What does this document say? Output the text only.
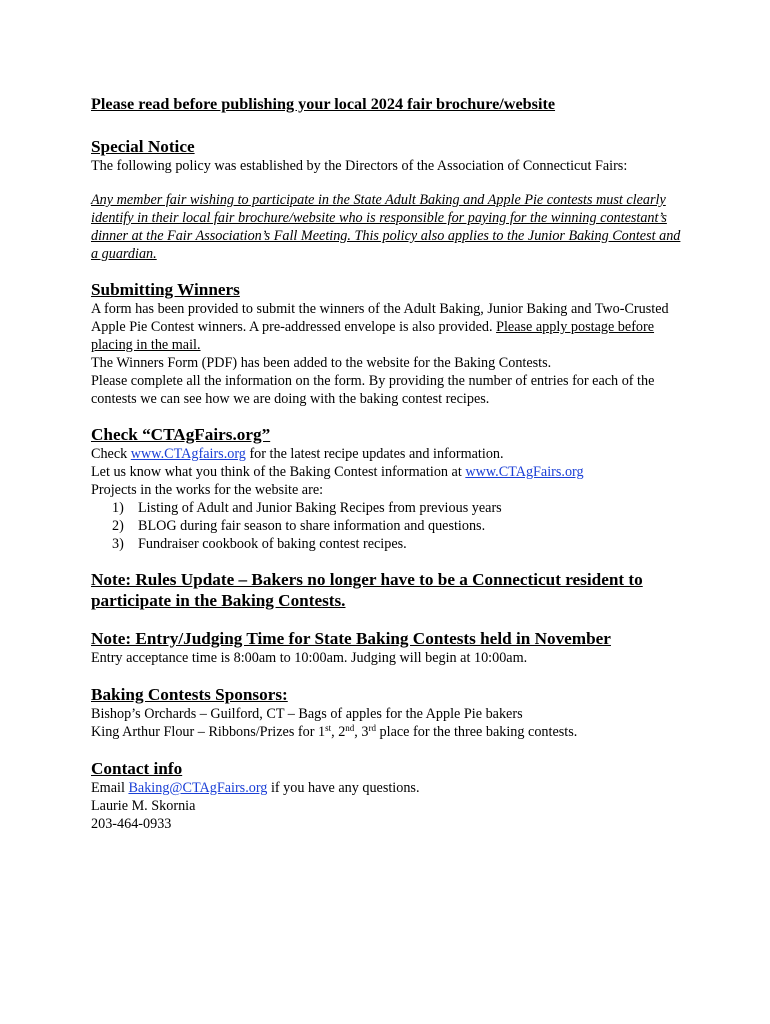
Please read before publishing your local 2024 fair brochure/website
Special Notice

The following policy was established by the Directors of the Association of Connecticut Fairs:

Any member fair wishing to participate in the State Adult Baking and Apple Pie contests must clearly identify in their local fair brochure/website who is responsible for paying for the winning contestant’s dinner at the Fair Association’s Fall Meeting. This policy also applies to the Junior Baking Contest and a guardian.

Submitting Winners

A form has been provided to submit the winners of the Adult Baking, Junior Baking and Two-Crusted Apple Pie Contest winners. A pre-addressed envelope is also provided. Please apply postage before placing in the mail.

The Winners Form (PDF) has been added to the website for the Baking Contests.

Please complete all the information on the form. By providing the number of entries for each of the contests we can see how we are doing with the baking contest recipes.

Check “CTAgFairs.org”

Check www.CTAgfairs.org for the latest recipe updates and information.

Let us know what you think of the Baking Contest information at www.CTAgFairs.org

Projects in the works for the website are:

1) Listing of Adult and Junior Baking Recipes from previous years
2) BLOG during fair season to share information and questions.
3) Fundraiser cookbook of baking contest recipes.
Note: Rules Update – Bakers no longer have to be a Connecticut resident to participate in the Baking Contests.
Note: Entry/Judging Time for State Baking Contests held in November

Entry acceptance time is 8:00am to 10:00am. Judging will begin at 10:00am.

Baking Contests Sponsors:

Bishop’s Orchards – Guilford, CT – Bags of apples for the Apple Pie bakers

King Arthur Flour – Ribbons/Prizes for 1st, 2nd, 3rd place for the three baking contests.

Contact info

Email Baking@CTAgFairs.org if you have any questions.

Laurie M. Skornia

203-464-0933
